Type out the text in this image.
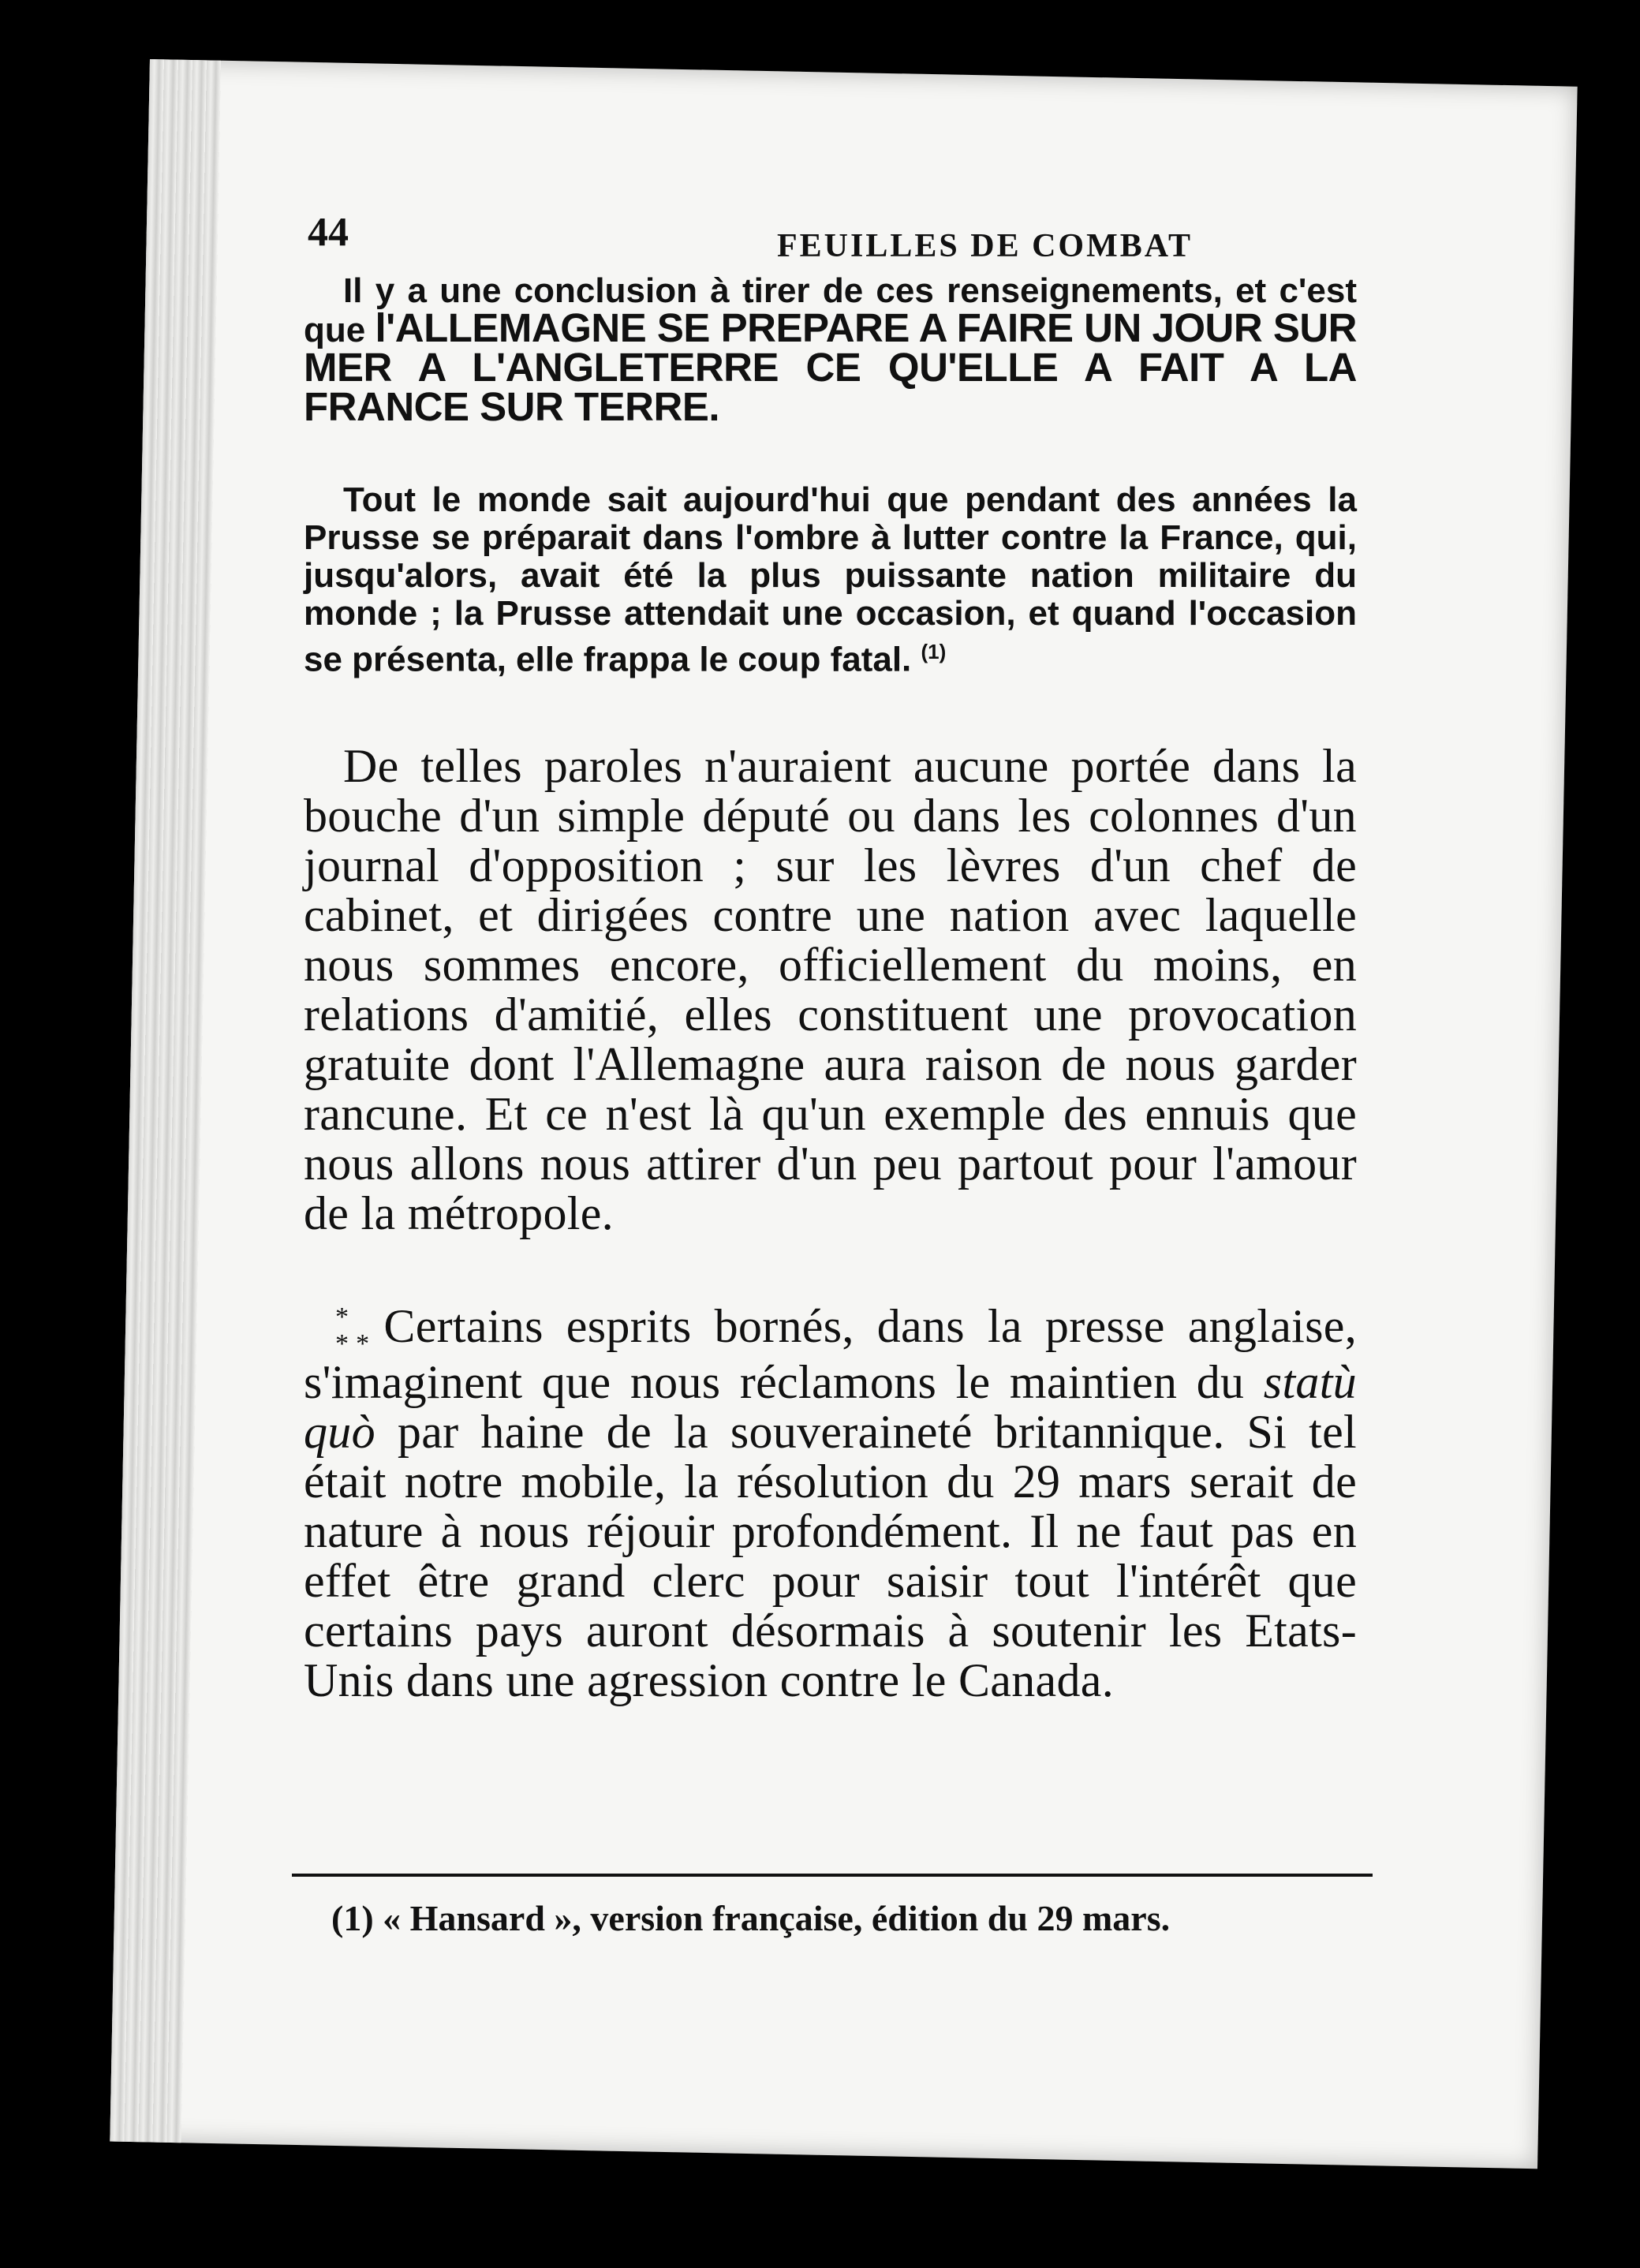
44	FEUILLES DE COMBAT

Il y a une conclusion à tirer de ces renseignements, et c'est que l'ALLEMAGNE SE PREPARE A FAIRE UN JOUR SUR MER A L'ANGLETERRE CE QU'ELLE A FAIT A LA FRANCE SUR TERRE.

Tout le monde sait aujourd'hui que pendant des années la Prusse se préparait dans l'ombre à lutter contre la France, qui, jusqu'alors, avait été la plus puissante nation militaire du monde ; la Prusse attendait une occasion, et quand l'occasion se présenta, elle frappa le coup fatal. $^{(1)}$

De telles paroles n'auraient aucune portée dans la bouche d'un simple député ou dans les colonnes d'un journal d'opposition ; sur les lèvres d'un chef de cabinet, et dirigées contre une nation avec laquelle nous sommes encore, officiellement du moins, en relations d'amitié, elles constituent une provocation gratuite dont l'Allemagne aura raison de nous garder rancune. Et ce n'est là qu'un exemple des ennuis que nous allons nous attirer d'un peu partout pour l'amour de la métropole.

*
* * Certains esprits bornés, dans la presse anglaise, s'imaginent que nous réclamons le maintien du statù quò par haine de la souveraineté britannique. Si tel était notre mobile, la résolution du 29 mars serait de nature à nous réjouir profondément. Il ne faut pas en effet être grand clerc pour saisir tout l'intérêt que certains pays auront désormais à soutenir les Etats-Unis dans une agression contre le Canada.

(1) « Hansard », version française, édition du 29 mars.
